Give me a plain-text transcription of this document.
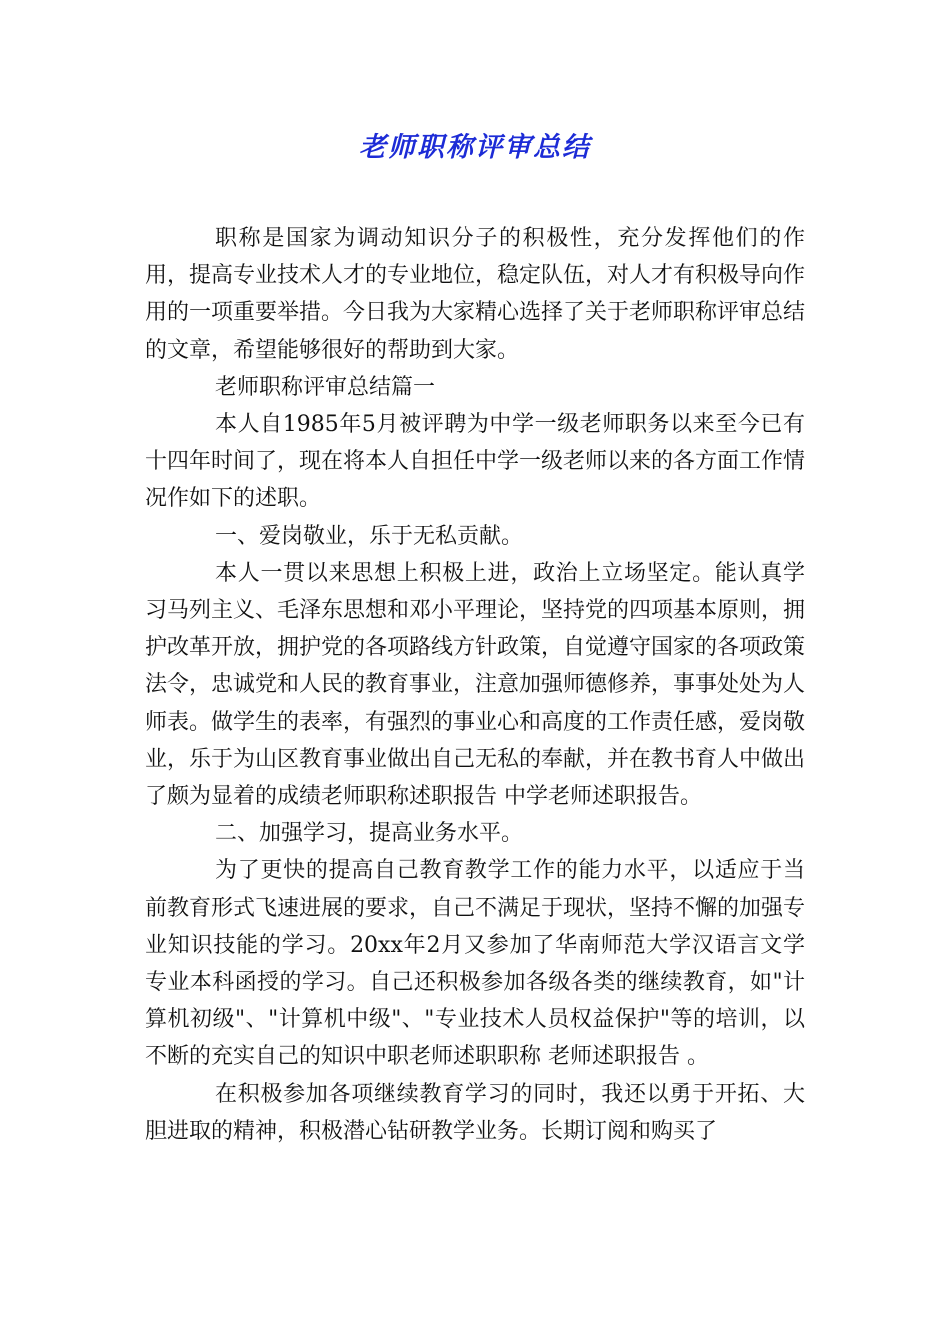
老师职称评审总结

职称是国家为调动知识分子的积极性，充分发挥他们的作用，提高专业技术人才的专业地位，稳定队伍，对人才有积极导向作用的一项重要举措。今日我为大家精心选择了关于老师职称评审总结的文章，希望能够很好的帮助到大家。

老师职称评审总结篇一

本人自1985年5月被评聘为中学一级老师职务以来至今已有十四年时间了，现在将本人自担任中学一级老师以来的各方面工作情况作如下的述职。

一、爱岗敬业，乐于无私贡献。

本人一贯以来思想上积极上进，政治上立场坚定。能认真学习马列主义、毛泽东思想和邓小平理论，坚持党的四项基本原则，拥护改革开放，拥护党的各项路线方针政策，自觉遵守国家的各项政策法令，忠诚党和人民的教育事业，注意加强师德修养，事事处处为人师表。做学生的表率，有强烈的事业心和高度的工作责任感，爱岗敬业，乐于为山区教育事业做出自己无私的奉献，并在教书育人中做出了颇为显着的成绩老师职称述职报告 中学老师述职报告。

二、加强学习，提高业务水平。

为了更快的提高自己教育教学工作的能力水平，以适应于当前教育形式飞速进展的要求，自己不满足于现状，坚持不懈的加强专业知识技能的学习。20xx年2月又参加了华南师范大学汉语言文学专业本科函授的学习。自己还积极参加各级各类的继续教育，如"计算机初级"、"计算机中级"、"专业技术人员权益保护"等的培训，以不断的充实自己的知识中职老师述职职称 老师述职报告 。

在积极参加各项继续教育学习的同时，我还以勇于开拓、大胆进取的精神，积极潜心钻研教学业务。长期订阅和购买了
